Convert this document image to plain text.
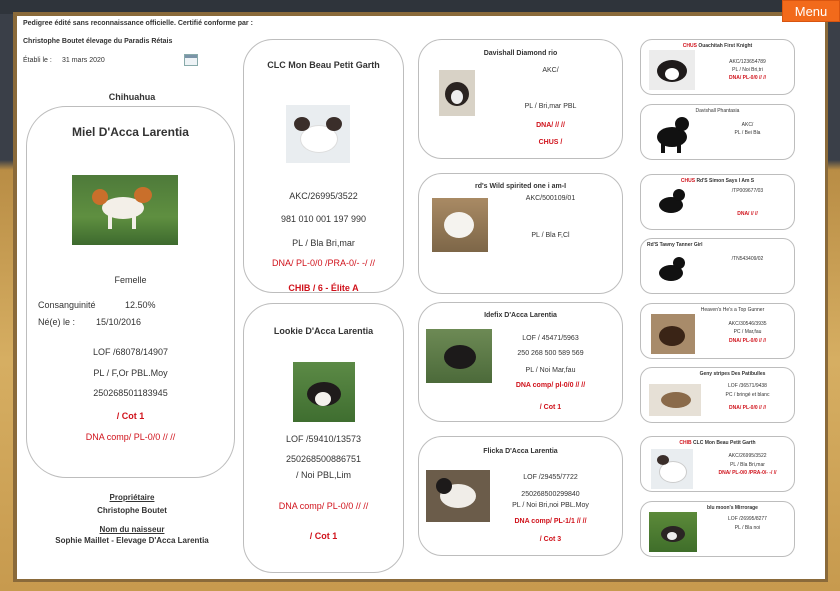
Pedigree édité sans reconnaissance officielle. Certifié conforme par :
Christophe Boutet élevage du Paradis Rétais
Établi le : 31 mars 2020
Chihuahua
Miel D'Acca Larentia
Femelle
Consanguinité	12.50%
Né(e) le :	15/10/2016
LOF /68078/14907
PL / F,Or PBL.Moy
250268501183945
/ Cot 1
DNA comp/ PL-0/0 // //
Propriétaire
Christophe Boutet
Nom du naisseur
Sophie Maillet - Elevage D'Acca Larentia
CLC Mon Beau Petit Garth
AKC/26995/3522
981 010 001 197 990
PL / Bla Bri,mar
DNA/ PL-0/0 /PRA-0/- -/ //
CHIB / 6 - Élite A
Lookie D'Acca Larentia
LOF /59410/13573
250268500886751
/ Noi PBL,Lim
DNA comp/ PL-0/0 // //
/ Cot 1
Davishall Diamond rio
AKC/
PL / Bri,mar PBL
DNA/ // //
CHUS /
rd's Wild spirited one i am-I
AKC/500109/01
PL / Bla F,Cl
Idefix D'Acca Larentia
LOF / 45471/5963
250 268 500 589 569
PL / Noi Mar,fau
DNA comp/ pl-0/0 // //
/ Cot 1
Flicka D'Acca Larentia
LOF /29455/7722
250268500299840
PL / Noi Bri,noi PBL.Moy
DNA comp/ PL-1/1 // //
/ Cot 3
CHUS Ouachitah First Knight
AKC/123654789
PL / Noi Bri,tri
DNA/ PL-0/0 // //
Davishall Phantasia
AKC/
PL / Bei Bla
CHUS Rd'S Simon Says I Am S
/TP009677/03
DNA/ // //
Rd'S Tawny Tanner Girl
/TN543409/02
Heaven's He's a Top Gunner
AKC/30546/3935
PC / Mar,fau
DNA/ PL-0/0 // //
Geny stripes Des Patibulles
LOF /36571/9438
PC / bringé et blanc
DNA/ PL-0/0 // //
CHIB CLC Mon Beau Petit Garth
AKC/26995/3522
PL / Bla Bri,mar
DNA/ PL-0/0 /PRA-0/- -/ //
blu moon's Mirrorage
LOF /26995/8277
PL / Bla noi
Menu
